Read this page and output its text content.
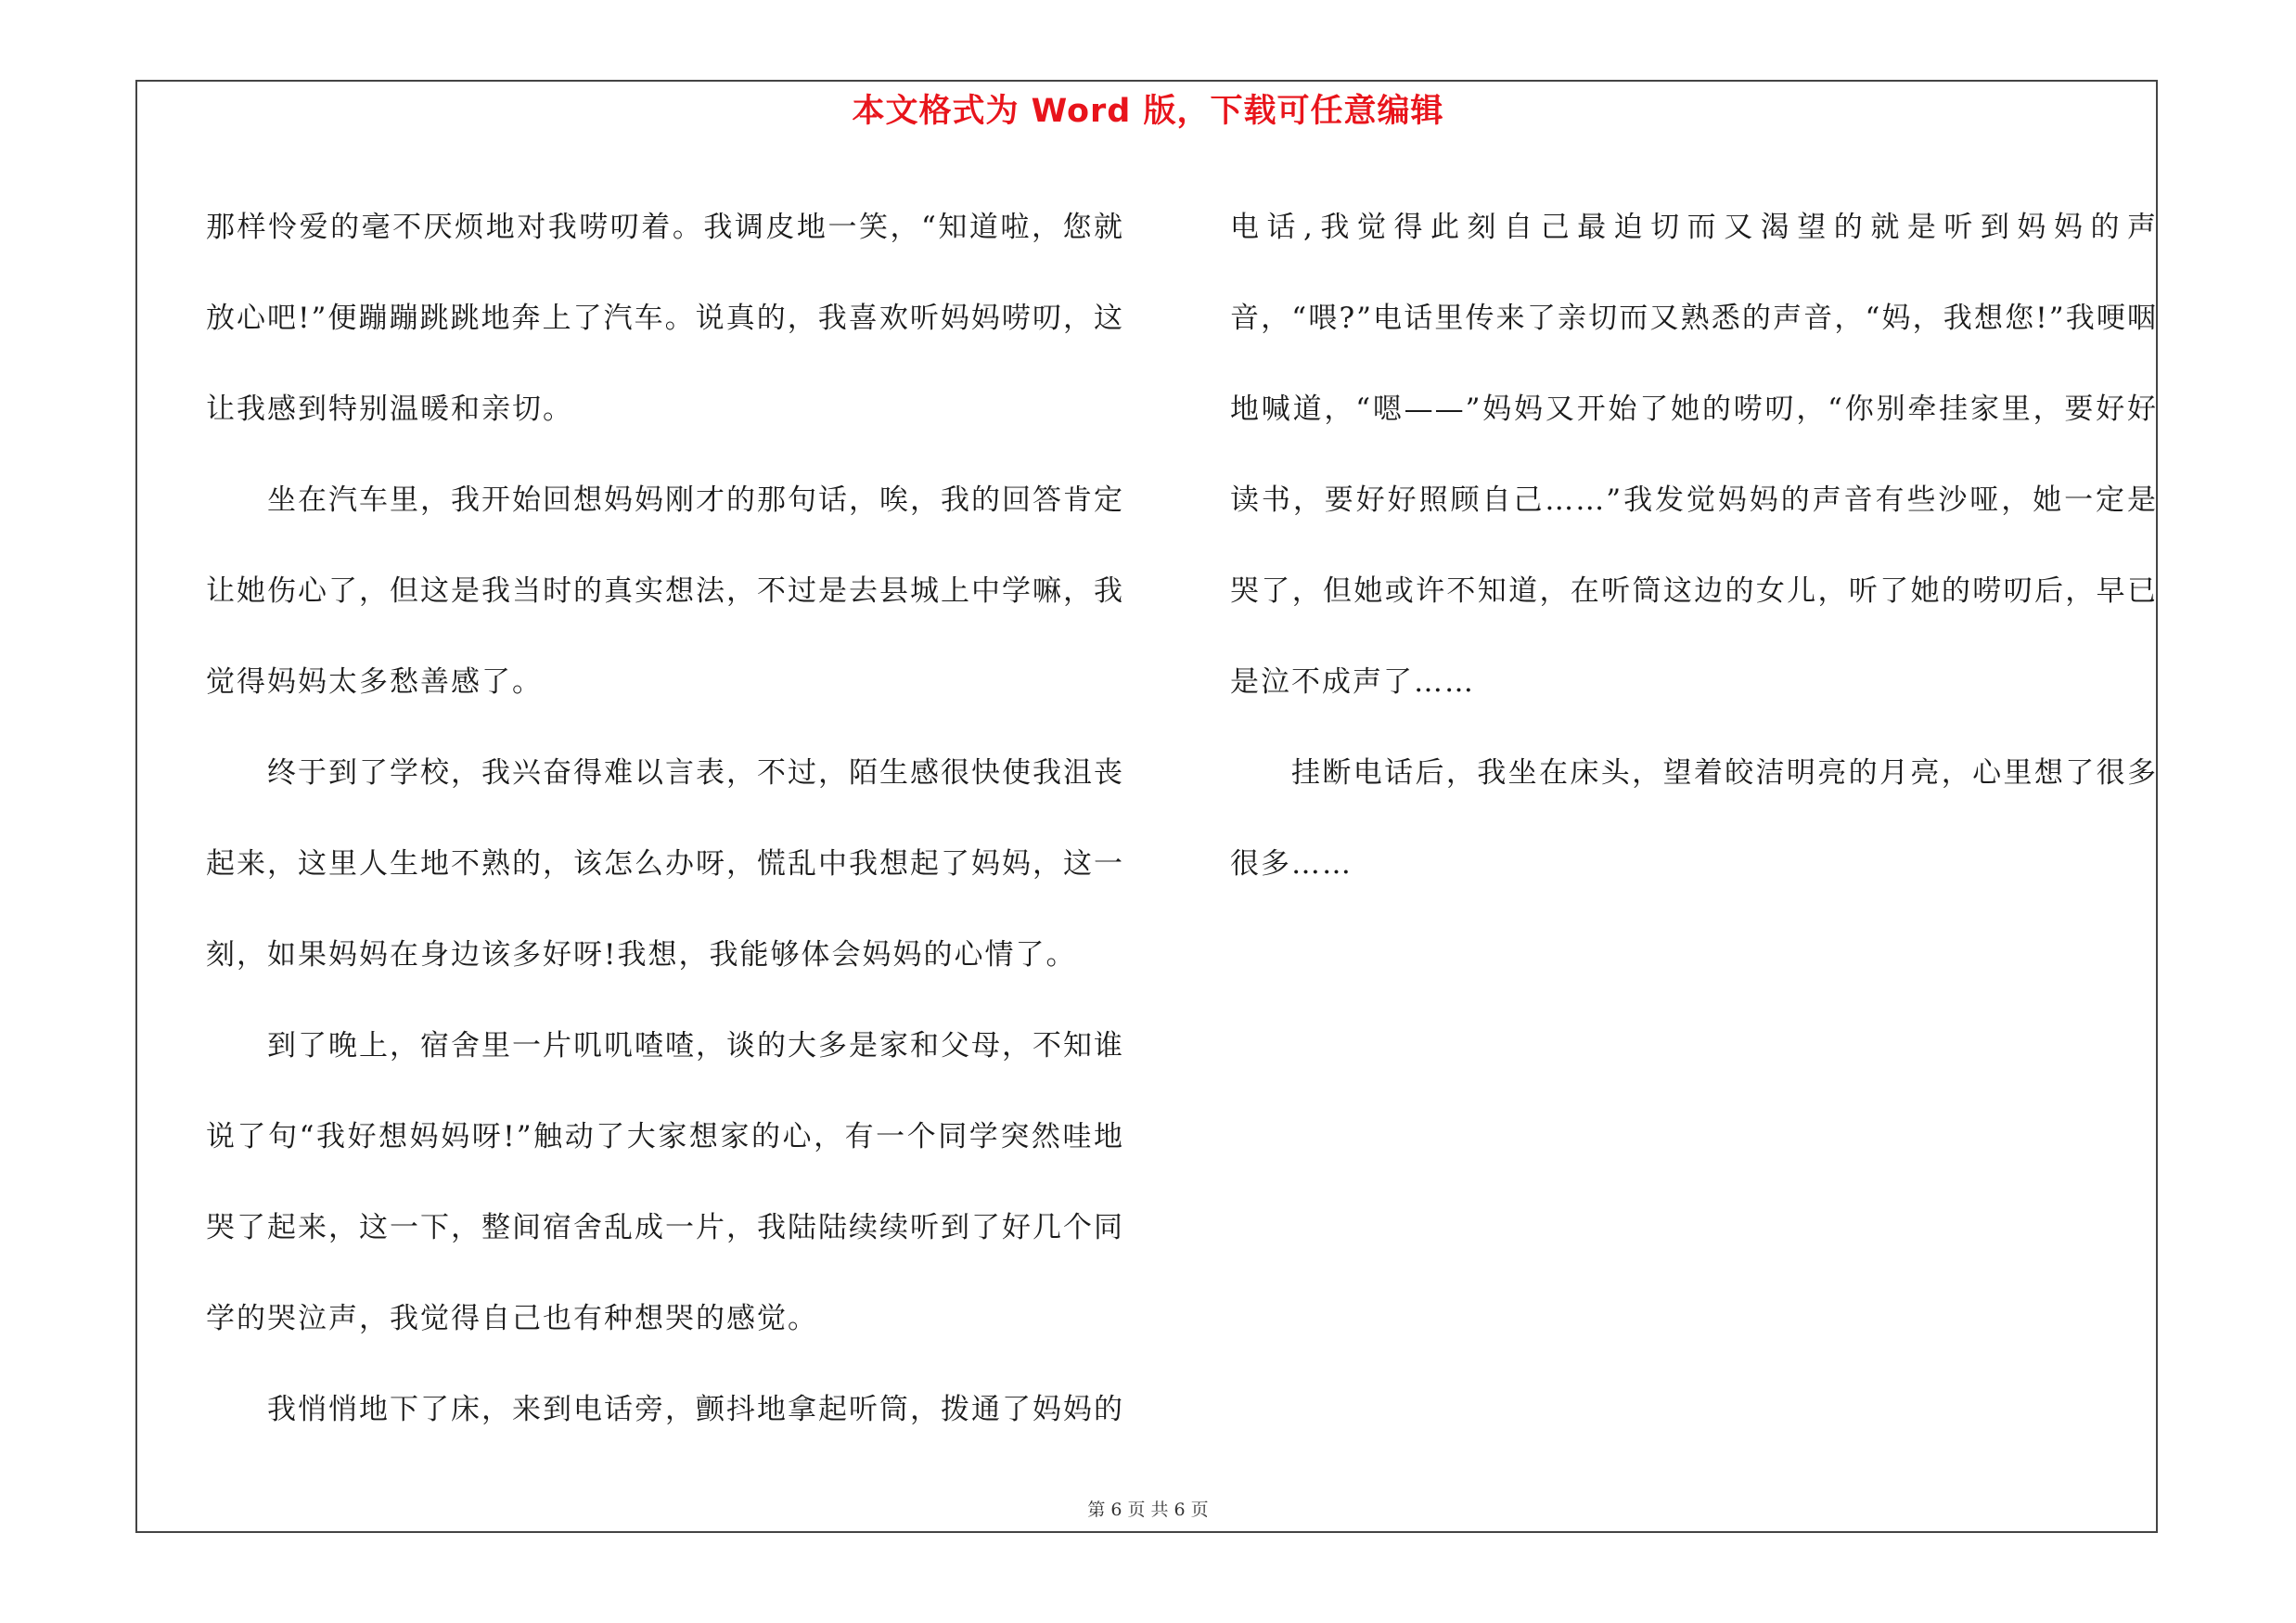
本文格式为 Word 版，下载可任意编辑

那样怜爱的毫不厌烦地对我唠叨着。我调皮地一笑，“知道啦，您就放心吧!”便蹦蹦跳跳地奔上了汽车。说真的，我喜欢听妈妈唠叨，这让我感到特别温暖和亲切。

坐在汽车里，我开始回想妈妈刚才的那句话，唉，我的回答肯定让她伤心了，但这是我当时的真实想法，不过是去县城上中学嘛，我觉得妈妈太多愁善感了。

终于到了学校，我兴奋得难以言表，不过，陌生感很快使我沮丧起来，这里人生地不熟的，该怎么办呀，慌乱中我想起了妈妈，这一刻，如果妈妈在身边该多好呀!我想，我能够体会妈妈的心情了。

到了晚上，宿舍里一片叽叽喳喳，谈的大多是家和父母，不知谁说了句“我好想妈妈呀!”触动了大家想家的心，有一个同学突然哇地哭了起来，这一下，整间宿舍乱成一片，我陆陆续续听到了好几个同学的哭泣声，我觉得自己也有种想哭的感觉。

我悄悄地下了床，来到电话旁，颤抖地拿起听筒，拨通了妈妈的

电话,我觉得此刻自己最迫切而又渴望的就是听到妈妈的声音，“喂?”电话里传来了亲切而又熟悉的声音，“妈，我想您!”我哽咽地喊道，“嗯——”妈妈又开始了她的唠叨，“你别牵挂家里，要好好读书，要好好照顾自己……”我发觉妈妈的声音有些沙哑，她一定是哭了，但她或许不知道，在听筒这边的女儿，听了她的唠叨后，早已是泣不成声了……

挂断电话后，我坐在床头，望着皎洁明亮的月亮，心里想了很多很多……

第 6 页 共 6 页
